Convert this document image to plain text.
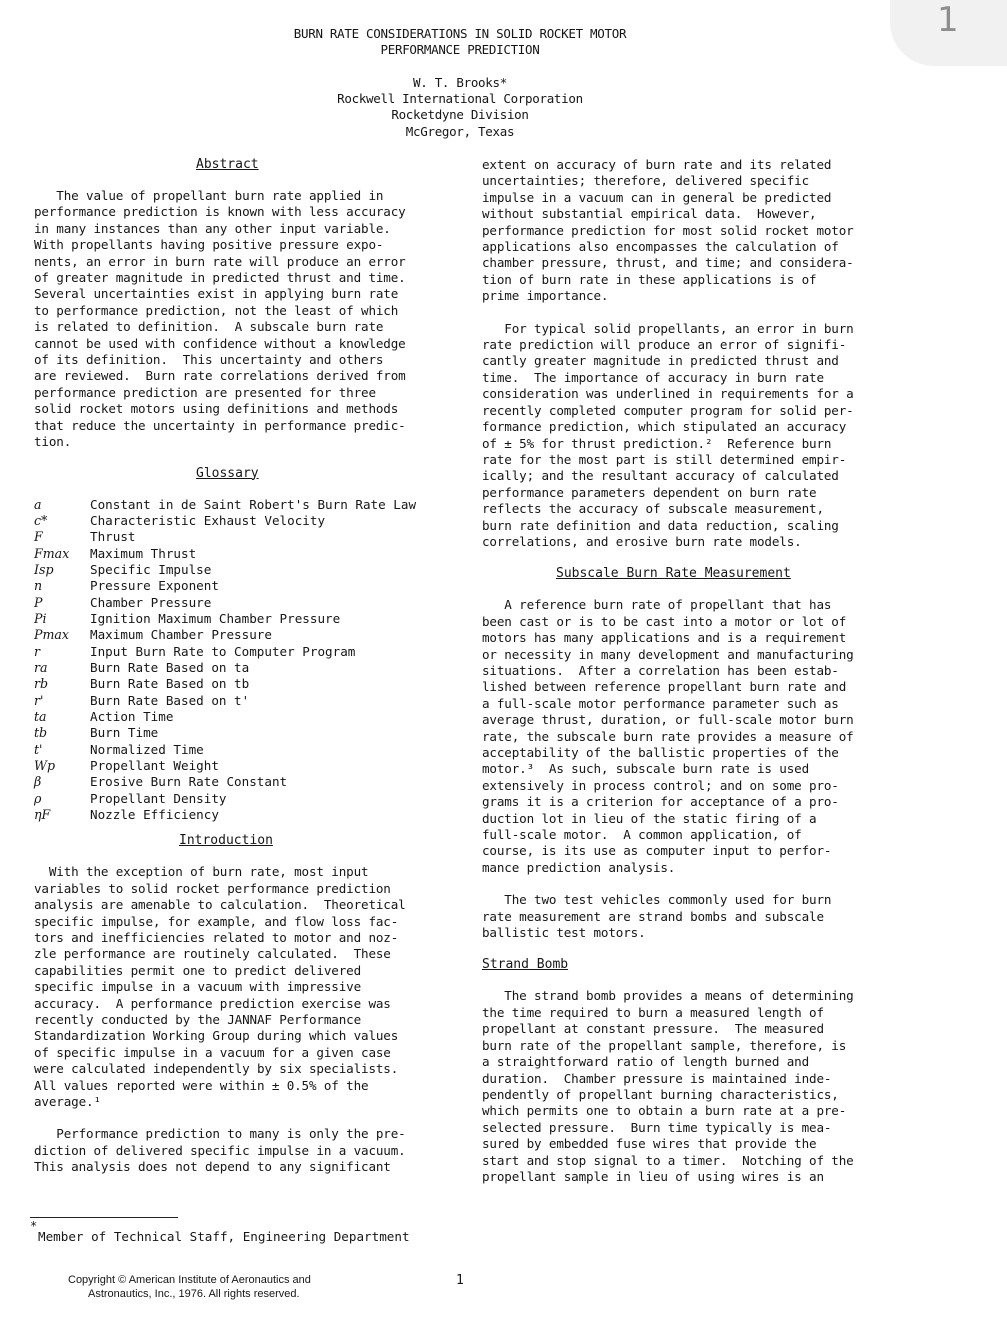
1
BURN RATE CONSIDERATIONS IN SOLID ROCKET MOTOR
PERFORMANCE PREDICTION
W. T. Brooks*
Rockwell International Corporation
Rocketdyne Division
McGregor, Texas
Abstract

The value of propellant burn rate applied in

performance prediction is known with less accuracy

in many instances than any other input variable.

With propellants having positive pressure expo-

nents, an error in burn rate will produce an error

of greater magnitude in predicted thrust and time.

Several uncertainties exist in applying burn rate

to performance prediction, not the least of which

is related to definition.  A subscale burn rate

cannot be used with confidence without a knowledge

of its definition.  This uncertainty and others

are reviewed.  Burn rate correlations derived from

performance prediction are presented for three

solid rocket motors using definitions and methods

that reduce the uncertainty in performance predic-

tion.

Glossary
a	Constant in de Saint Robert's Burn Rate Law
c*	Characteristic Exhaust Velocity
F	Thrust
Fmax	Maximum Thrust
Isp	Specific Impulse
n	Pressure Exponent
P	Chamber Pressure
Pi	Ignition Maximum Chamber Pressure
Pmax	Maximum Chamber Pressure
r	Input Burn Rate to Computer Program
ra	Burn Rate Based on ta
rb	Burn Rate Based on tb
r'	Burn Rate Based on t'
ta	Action Time
tb	Burn Time
t'	Normalized Time
Wp	Propellant Weight
β	Erosive Burn Rate Constant
ρ	Propellant Density
ηF	Nozzle Efficiency
Introduction

With the exception of burn rate, most input

variables to solid rocket performance prediction

analysis are amenable to calculation.  Theoretical

specific impulse, for example, and flow loss fac-

tors and inefficiencies related to motor and noz-

zle performance are routinely calculated.  These

capabilities permit one to predict delivered

specific impulse in a vacuum with impressive

accuracy.  A performance prediction exercise was

recently conducted by the JANNAF Performance

Standardization Working Group during which values

of specific impulse in a vacuum for a given case

were calculated independently by six specialists.

All values reported were within ± 0.5% of the

average.¹

Performance prediction to many is only the pre-

diction of delivered specific impulse in a vacuum.

This analysis does not depend to any significant

extent on accuracy of burn rate and its related

uncertainties; therefore, delivered specific

impulse in a vacuum can in general be predicted

without substantial empirical data.  However,

performance prediction for most solid rocket motor

applications also encompasses the calculation of

chamber pressure, thrust, and time; and considera-

tion of burn rate in these applications is of

prime importance.

For typical solid propellants, an error in burn

rate prediction will produce an error of signifi-

cantly greater magnitude in predicted thrust and

time.  The importance of accuracy in burn rate

consideration was underlined in requirements for a

recently completed computer program for solid per-

formance prediction, which stipulated an accuracy

of ± 5% for thrust prediction.²  Reference burn

rate for the most part is still determined empir-

ically; and the resultant accuracy of calculated

performance parameters dependent on burn rate

reflects the accuracy of subscale measurement,

burn rate definition and data reduction, scaling

correlations, and erosive burn rate models.

Subscale Burn Rate Measurement

A reference burn rate of propellant that has

been cast or is to be cast into a motor or lot of

motors has many applications and is a requirement

or necessity in many development and manufacturing

situations.  After a correlation has been estab-

lished between reference propellant burn rate and

a full-scale motor performance parameter such as

average thrust, duration, or full-scale motor burn

rate, the subscale burn rate provides a measure of

acceptability of the ballistic properties of the

motor.³  As such, subscale burn rate is used

extensively in process control; and on some pro-

grams it is a criterion for acceptance of a pro-

duction lot in lieu of the static firing of a

full-scale motor.  A common application, of

course, is its use as computer input to perfor-

mance prediction analysis.

The two test vehicles commonly used for burn

rate measurement are strand bombs and subscale

ballistic test motors.

Strand Bomb

The strand bomb provides a means of determining

the time required to burn a measured length of

propellant at constant pressure.  The measured

burn rate of the propellant sample, therefore, is

a straightforward ratio of length burned and

duration.  Chamber pressure is maintained inde-

pendently of propellant burning characteristics,

which permits one to obtain a burn rate at a pre-

selected pressure.  Burn time typically is mea-

sured by embedded fuse wires that provide the

start and stop signal to a timer.  Notching of the

propellant sample in lieu of using wires is an

*
Member of Technical Staff, Engineering Department
Copyright © American Institute of Aeronautics and
Astronautics, Inc., 1976. All rights reserved.
1
